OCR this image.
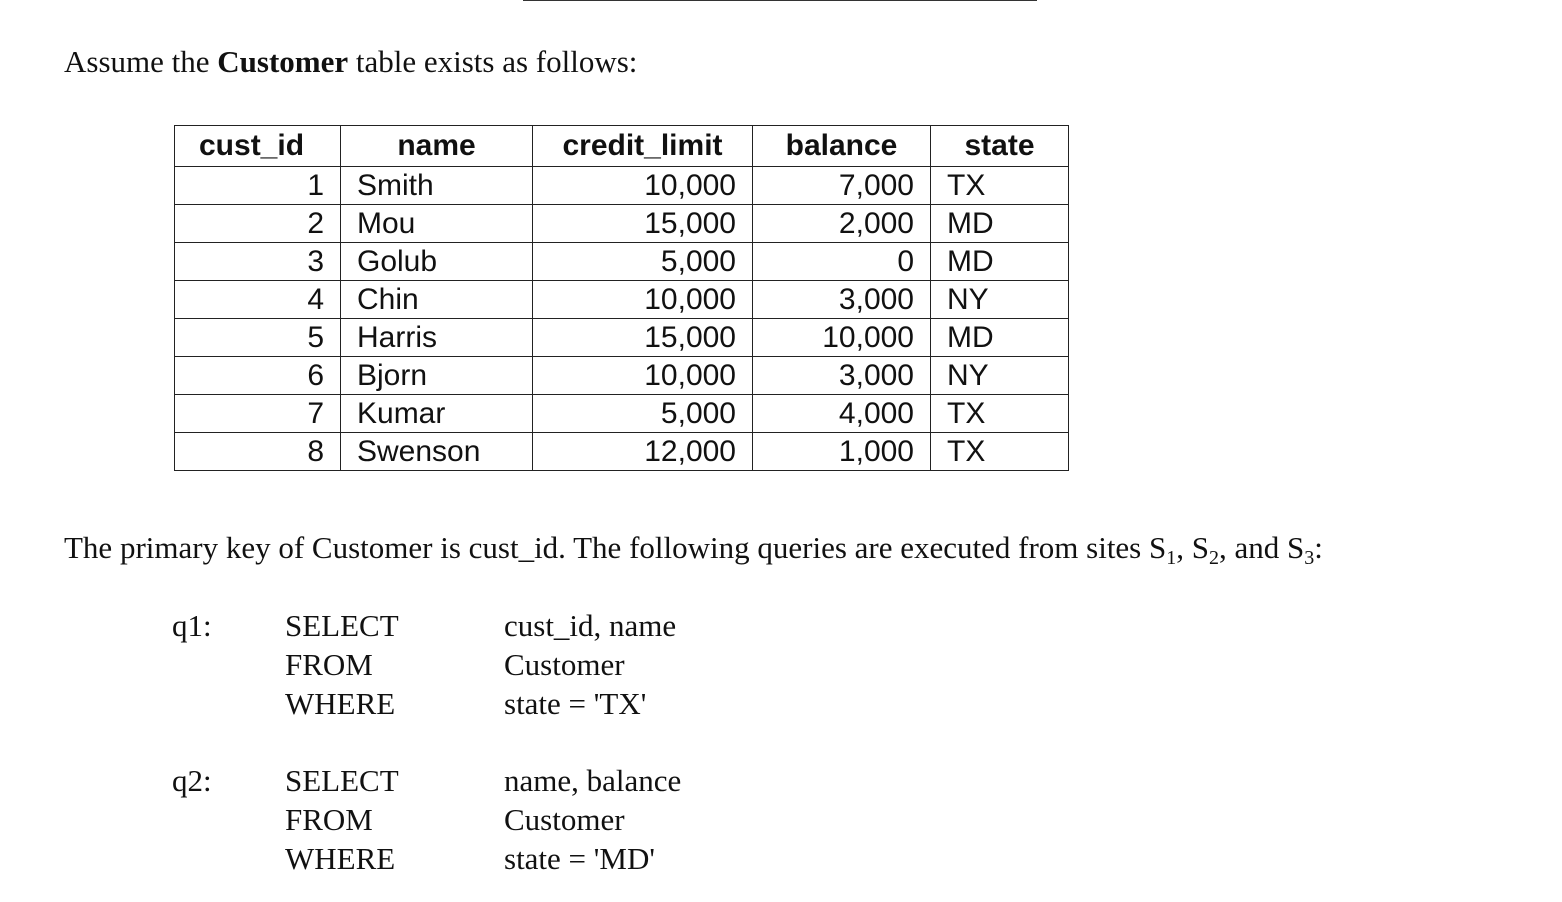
Assume the Customer table exists as follows:
cust_id	name	credit_limit	balance	state
1	Smith	10,000	7,000	TX
2	Mou	15,000	2,000	MD
3	Golub	5,000	0	MD
4	Chin	10,000	3,000	NY
5	Harris	15,000	10,000	MD
6	Bjorn	10,000	3,000	NY
7	Kumar	5,000	4,000	TX
8	Swenson	12,000	1,000	TX
The primary key of Customer is cust_id. The following queries are executed from sites $S_1$, $S_2$, and $S_3$:
q1: SELECT	cust_id, name
FROM	Customer
WHERE	state = 'TX'
q2: SELECT	name, balance
FROM	Customer
WHERE	state = 'MD'
